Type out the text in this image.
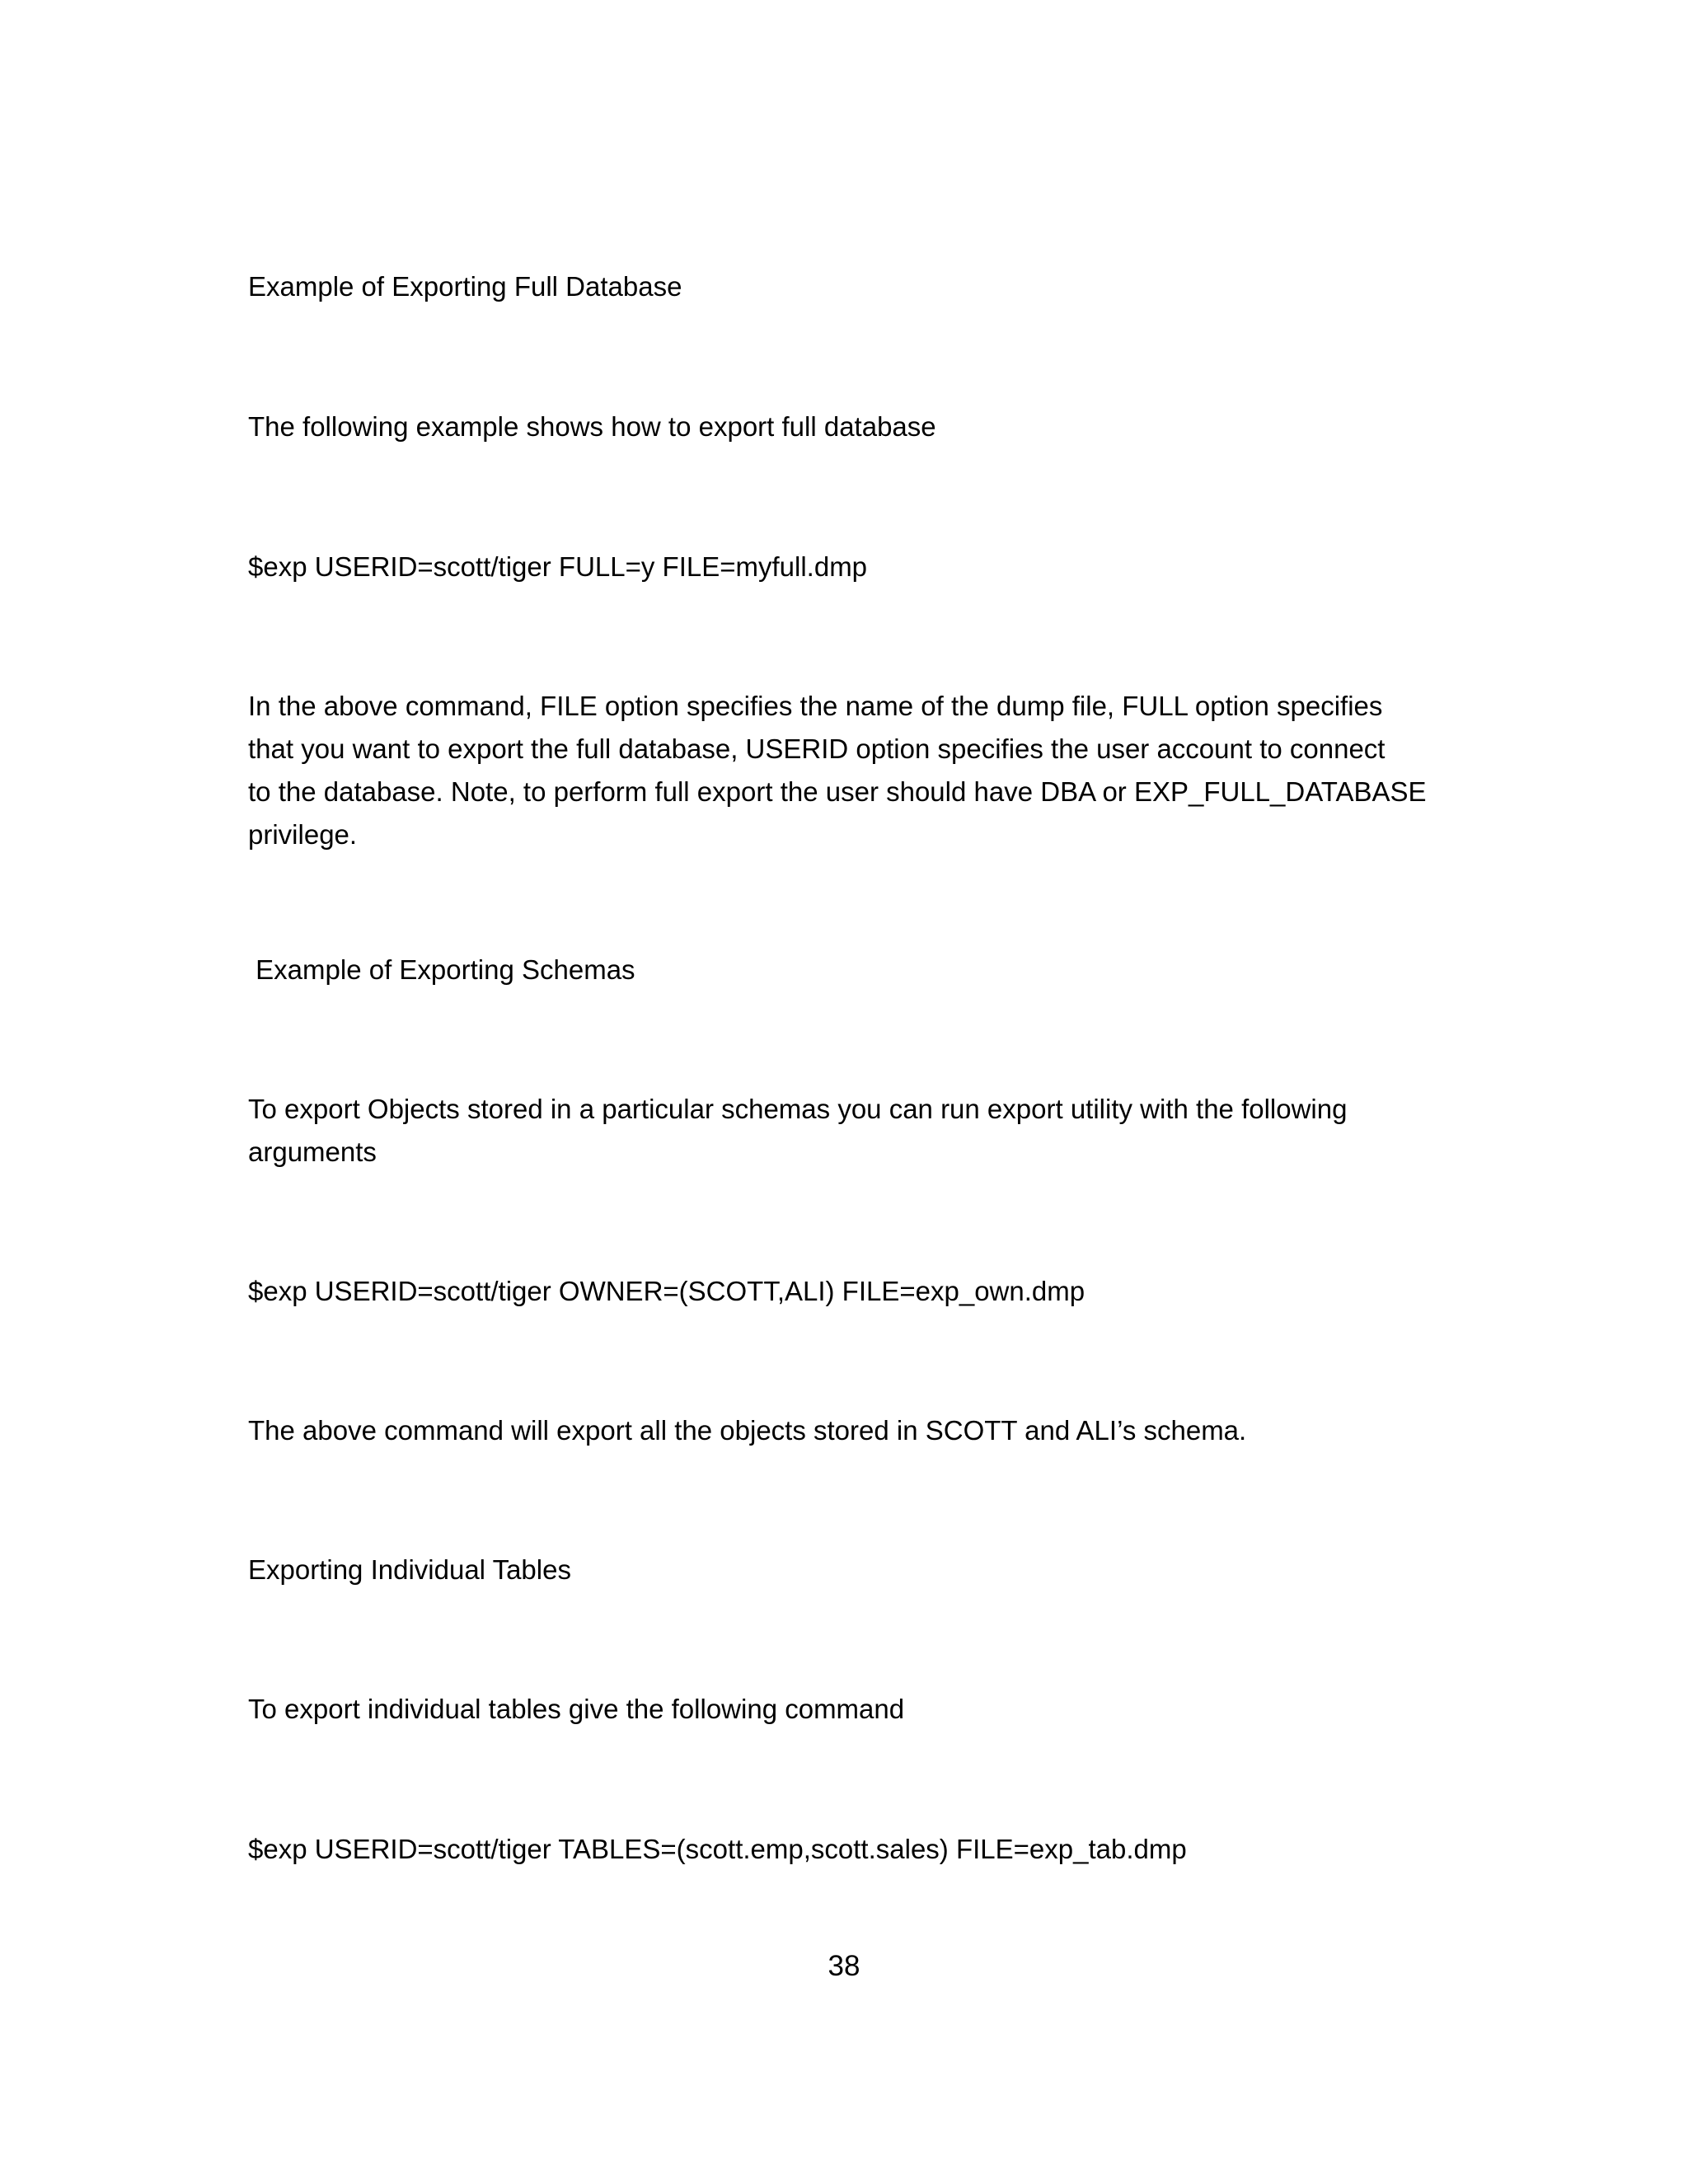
Example of Exporting Full Database

The following example shows how to export full database

$exp USERID=scott/tiger FULL=y FILE=myfull.dmp

In the above command, FILE option specifies the name of the dump file, FULL option specifies
that you want to export the full database, USERID option specifies the user account to connect
to the database. Note, to perform full export the user should have DBA or EXP_FULL_DATABASE
privilege.

Example of Exporting Schemas

To export Objects stored in a particular schemas you can run export utility with the following
arguments

$exp USERID=scott/tiger OWNER=(SCOTT,ALI) FILE=exp_own.dmp

The above command will export all the objects stored in SCOTT and ALI’s schema.

Exporting Individual Tables

To export individual tables give the following command

$exp USERID=scott/tiger TABLES=(scott.emp,scott.sales) FILE=exp_tab.dmp

38
